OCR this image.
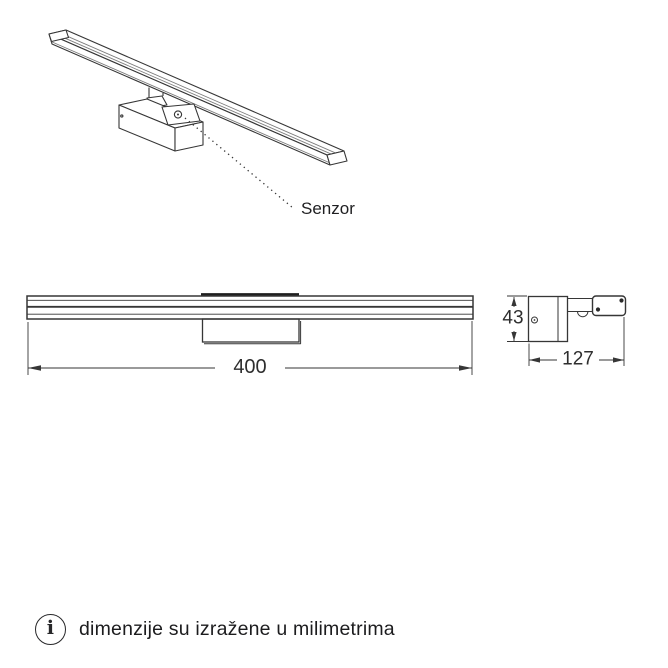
Senzor
400
43
127
ℹ dimenzije su izražene u milimetrima
